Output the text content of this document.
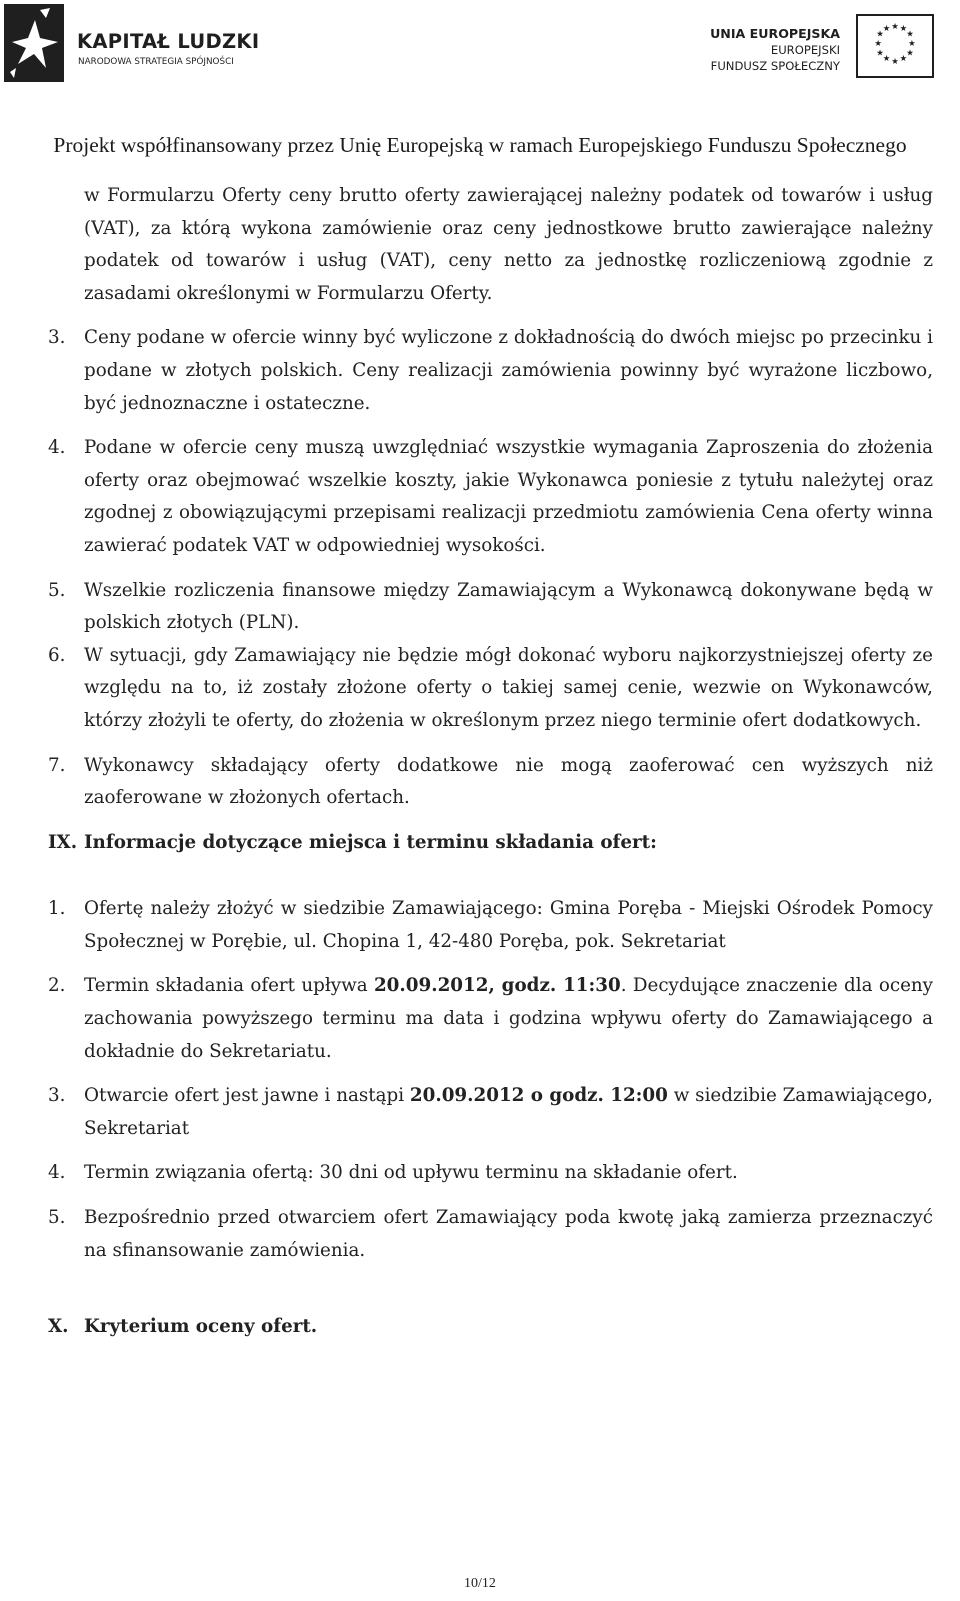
KAPITAŁ LUDZKI
NARODOWA STRATEGIA SPÓJNOŚCI
UNIA EUROPEJSKA
EUROPEJSKI
FUNDUSZ SPOŁECZNY
★ ★
★
★
★
★
★
★
★
★
★
★
Projekt współfinansowany przez Unię Europejską w ramach Europejskiego Funduszu Społecznego
w Formularzu Oferty ceny brutto oferty zawierającej należny podatek od towarów i usług (VAT), za którą wykona zamówienie oraz ceny jednostkowe brutto zawierające należny podatek od towarów i usług (VAT), ceny netto za jednostkę rozliczeniową zgodnie z zasadami określonymi w Formularzu Oferty.
3. Ceny podane w ofercie winny być wyliczone z dokładnością do dwóch miejsc po przecinku i podane w złotych polskich. Ceny realizacji zamówienia powinny być wyrażone liczbowo, być jednoznaczne i ostateczne.
4. Podane w ofercie ceny muszą uwzględniać wszystkie wymagania Zaproszenia do złożenia oferty oraz obejmować wszelkie koszty, jakie Wykonawca poniesie z tytułu należytej oraz zgodnej z obowiązującymi przepisami realizacji przedmiotu zamówienia Cena oferty winna zawierać podatek VAT w odpowiedniej wysokości.
5. Wszelkie rozliczenia finansowe między Zamawiającym a Wykonawcą dokonywane będą w polskich złotych (PLN).
6. W sytuacji, gdy Zamawiający nie będzie mógł dokonać wyboru najkorzystniejszej oferty ze względu na to, iż zostały złożone oferty o takiej samej cenie, wezwie on Wykonawców, którzy złożyli te oferty, do złożenia w określonym przez niego terminie ofert dodatkowych.
7. Wykonawcy składający oferty dodatkowe nie mogą zaoferować cen wyższych niż zaoferowane w złożonych ofertach.
IX. Informacje dotyczące miejsca i terminu składania ofert:
1. Ofertę należy złożyć w siedzibie Zamawiającego: Gmina Poręba - Miejski Ośrodek Pomocy Społecznej w Porębie, ul. Chopina 1, 42-480 Poręba, pok. Sekretariat
2. Termin składania ofert upływa 20.09.2012, godz. 11:30. Decydujące znaczenie dla oceny zachowania powyższego terminu ma data i godzina wpływu oferty do Zamawiającego a dokładnie do Sekretariatu.
3. Otwarcie ofert jest jawne i nastąpi 20.09.2012 o godz. 12:00 w siedzibie Zamawiającego, Sekretariat
4. Termin związania ofertą: 30 dni od upływu terminu na składanie ofert.
5. Bezpośrednio przed otwarciem ofert Zamawiający poda kwotę jaką zamierza przeznaczyć na sfinansowanie zamówienia.
X. Kryterium oceny ofert.
10/12
